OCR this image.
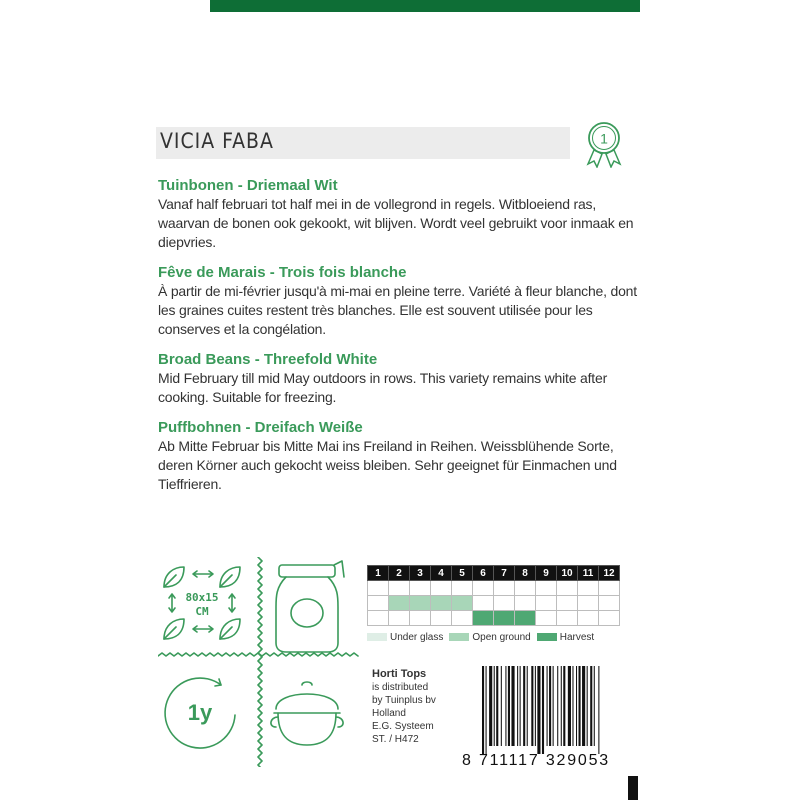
VICIA FABA	1
Tuinbonen - Driemaal Wit
Vanaf half februari tot half mei in de vollegrond in regels. Witbloeiend ras, waarvan de bonen ook gekookt, wit blijven. Wordt veel gebruikt voor inmaak en diepvries.
Fêve de Marais - Trois fois blanche
À partir de mi-février jusqu'à mi-mai en pleine terre. Variété à fleur blanche, dont les graines cuites restent très blanches. Elle est souvent utilisée pour les conserves et la congélation.
Broad Beans - Threefold White
Mid February till mid May outdoors in rows. This variety remains white after cooking. Suitable for freezing.
Puffbohnen - Dreifach Weiße
Ab Mitte Februar bis Mitte Mai ins Freiland in Reihen. Weissblühende Sorte, deren Körner auch gekocht weiss bleiben. Sehr geeignet für Einmachen und Tieffrieren.
80x15
CM
1y
1	2	3	4	5	6	7	8	9	10	11	12

Under glass	Open ground	Harvest
Horti Tops
is distributed
by Tuinplus bv
Holland
E.G. Systeem
ST. / H472
8 711117 329053
